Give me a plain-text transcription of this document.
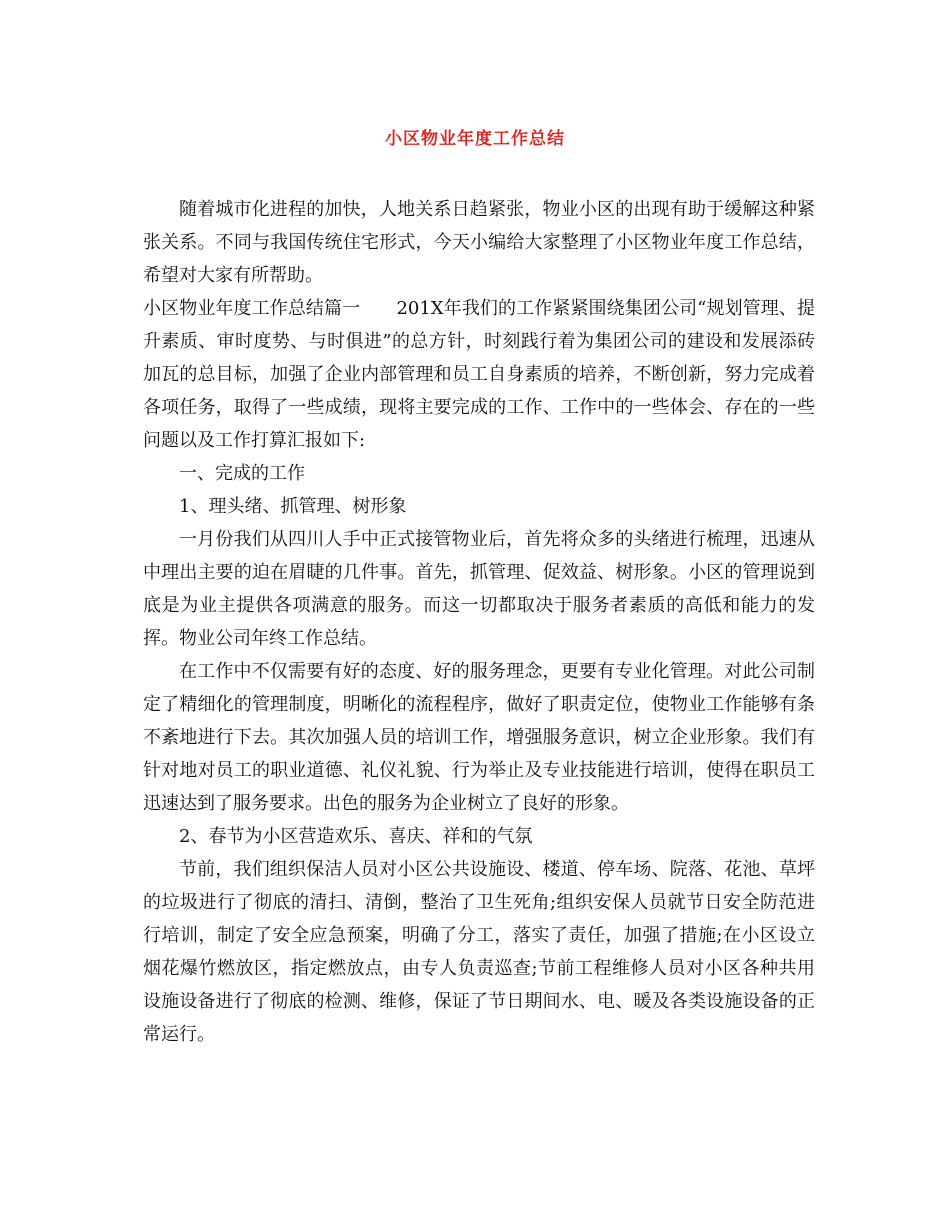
小区物业年度工作总结

随着城市化进程的加快，人地关系日趋紧张，物业小区的出现有助于缓解这种紧张关系。不同与我国传统住宅形式，今天小编给大家整理了小区物业年度工作总结，希望对大家有所帮助。

小区物业年度工作总结篇一　　201X年我们的工作紧紧围绕集团公司“规划管理、提升素质、审时度势、与时俱进”的总方针，时刻践行着为集团公司的建设和发展添砖加瓦的总目标，加强了企业内部管理和员工自身素质的培养，不断创新，努力完成着各项任务，取得了一些成绩，现将主要完成的工作、工作中的一些体会、存在的一些问题以及工作打算汇报如下:

一、完成的工作

1、理头绪、抓管理、树形象

一月份我们从四川人手中正式接管物业后，首先将众多的头绪进行梳理，迅速从中理出主要的迫在眉睫的几件事。首先，抓管理、促效益、树形象。小区的管理说到底是为业主提供各项满意的服务。而这一切都取决于服务者素质的高低和能力的发挥。物业公司年终工作总结。

在工作中不仅需要有好的态度、好的服务理念，更要有专业化管理。对此公司制定了精细化的管理制度，明晰化的流程程序，做好了职责定位，使物业工作能够有条不紊地进行下去。其次加强人员的培训工作，增强服务意识，树立企业形象。我们有针对地对员工的职业道德、礼仪礼貌、行为举止及专业技能进行培训，使得在职员工迅速达到了服务要求。出色的服务为企业树立了良好的形象。

2、春节为小区营造欢乐、喜庆、祥和的气氛

节前，我们组织保洁人员对小区公共设施设、楼道、停车场、院落、花池、草坪的垃圾进行了彻底的清扫、清倒，整治了卫生死角;组织安保人员就节日安全防范进行培训，制定了安全应急预案，明确了分工，落实了责任，加强了措施;在小区设立烟花爆竹燃放区，指定燃放点，由专人负责巡查;节前工程维修人员对小区各种共用设施设备进行了彻底的检测、维修，保证了节日期间水、电、暖及各类设施设备的正常运行。
